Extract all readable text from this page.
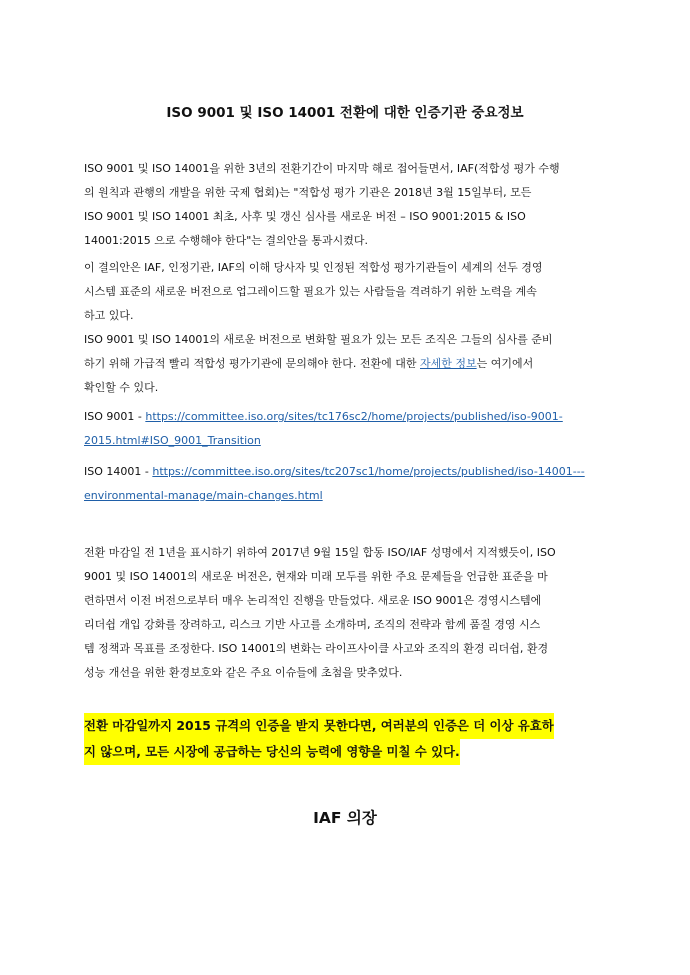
ISO 9001 및 ISO 14001 전환에 대한 인증기관 중요정보

ISO 9001 및 ISO 14001을 위한 3년의 전환기간이 마지막 해로 접어들면서, IAF(적합성 평가 수행
의 원칙과 관행의 개발을 위한 국제 협회)는 "적합성 평가 기관은 2018년 3월 15일부터, 모든
ISO 9001 및 ISO 14001 최초, 사후 및 갱신 심사를 새로운 버전 – ISO 9001:2015 & ISO
14001:2015 으로 수행해야 한다"는 결의안을 통과시켰다.

이 결의안은 IAF, 인정기관, IAF의 이해 당사자 및 인정된 적합성 평가기관들이 세계의 선두 경영
시스템 표준의 새로운 버전으로 업그레이드할 필요가 있는 사람들을 격려하기 위한 노력을 계속
하고 있다.

ISO 9001 및 ISO 14001의 새로운 버전으로 변화할 필요가 있는 모든 조직은 그들의 심사를 준비
하기 위해 가급적 빨리 적합성 평가기관에 문의해야 한다. 전환에 대한 자세한 정보는 여기에서
확인할 수 있다.

ISO 9001 - https://committee.iso.org/sites/tc176sc2/home/projects/published/iso-9001-
2015.html#ISO_9001_Transition

ISO 14001 - https://committee.iso.org/sites/tc207sc1/home/projects/published/iso-14001---
environmental-manage/main-changes.html

전환 마감일 전 1년을 표시하기 위하여 2017년 9월 15일 합동 ISO/IAF 성명에서 지적했듯이, ISO
9001 및 ISO 14001의 새로운 버전은, 현재와 미래 모두를 위한 주요 문제들을 언급한 표준을 마
련하면서 이전 버전으로부터 매우 논리적인 진행을 만들었다. 새로운 ISO 9001은 경영시스템에
리더쉽 개입 강화를 장려하고, 리스크 기반 사고를 소개하며, 조직의 전략과 함께 품질 경영 시스
템 정책과 목표를 조정한다. ISO 14001의 변화는 라이프사이클 사고와 조직의 환경 리더쉽, 환경
성능 개선을 위한 환경보호와 같은 주요 이슈들에 초첨을 맞추었다.

전환 마감일까지 2015 규격의 인증을 받지 못한다면, 여러분의 인증은 더 이상 유효하
지 않으며, 모든 시장에 공급하는 당신의 능력에 영향을 미칠 수 있다.
IAF 의장
